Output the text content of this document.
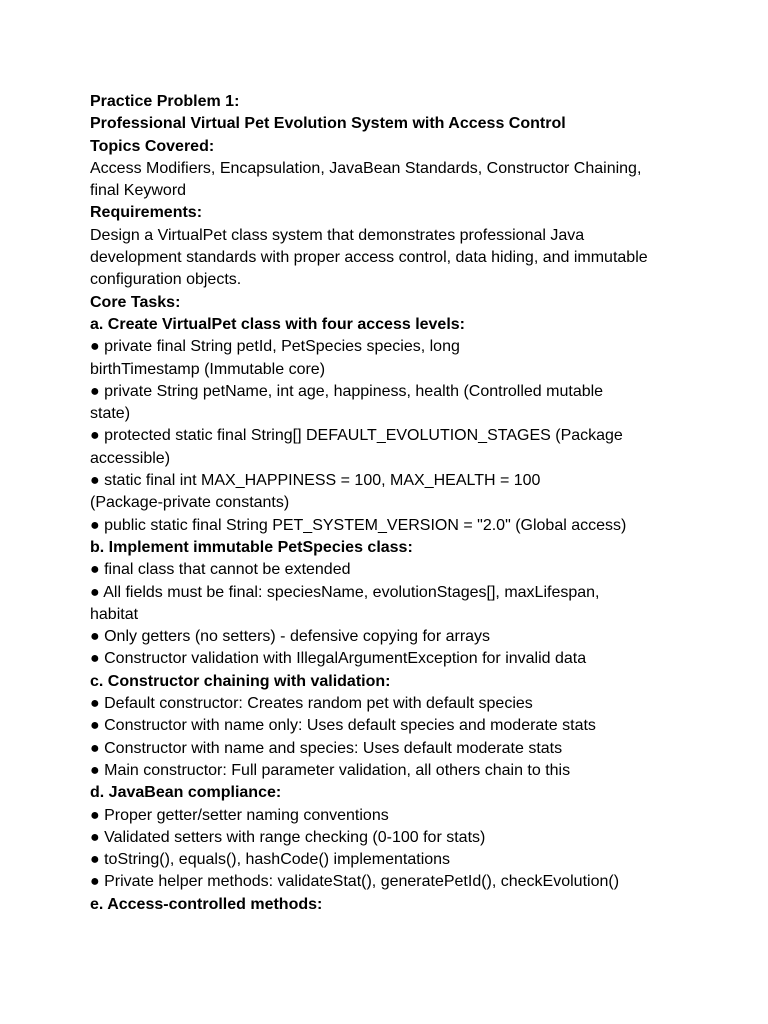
Practice Problem 1:
Professional Virtual Pet Evolution System with Access Control
Topics Covered:
Access Modifiers, Encapsulation, JavaBean Standards, Constructor Chaining,
final Keyword
Requirements:
Design a VirtualPet class system that demonstrates professional Java
development standards with proper access control, data hiding, and immutable
configuration objects.
Core Tasks:
a. Create VirtualPet class with four access levels:
● private final String petId, PetSpecies species, long
birthTimestamp (Immutable core)
● private String petName, int age, happiness, health (Controlled mutable
state)
● protected static final String[] DEFAULT_EVOLUTION_STAGES (Package
accessible)
● static final int MAX_HAPPINESS = 100, MAX_HEALTH = 100
(Package-private constants)
● public static final String PET_SYSTEM_VERSION = "2.0" (Global access)
b. Implement immutable PetSpecies class:
● final class that cannot be extended
● All fields must be final: speciesName, evolutionStages[], maxLifespan,
habitat
● Only getters (no setters) - defensive copying for arrays
● Constructor validation with IllegalArgumentException for invalid data
c. Constructor chaining with validation:
● Default constructor: Creates random pet with default species
● Constructor with name only: Uses default species and moderate stats
● Constructor with name and species: Uses default moderate stats
● Main constructor: Full parameter validation, all others chain to this
d. JavaBean compliance:
● Proper getter/setter naming conventions
● Validated setters with range checking (0-100 for stats)
● toString(), equals(), hashCode() implementations
● Private helper methods: validateStat(), generatePetId(), checkEvolution()
e. Access-controlled methods:
